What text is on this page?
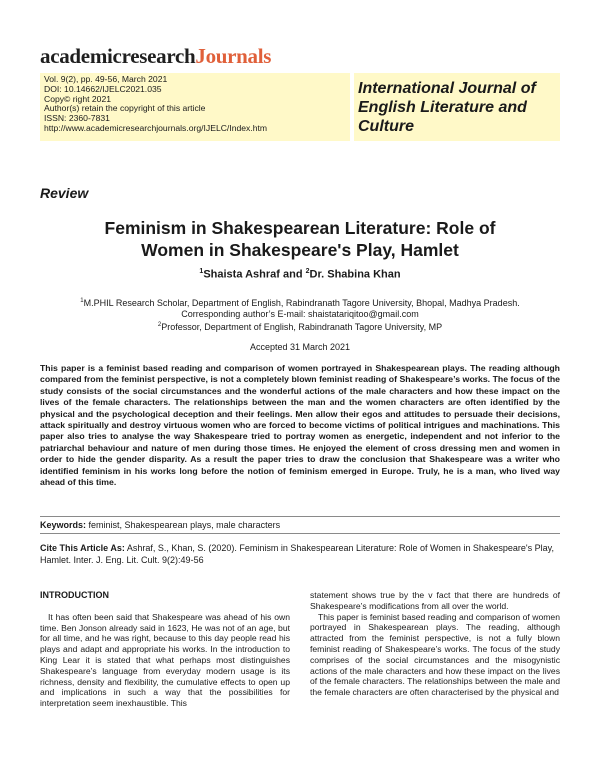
academicresearchJournals
Vol. 9(2), pp. 49-56, March 2021
DOI: 10.14662/IJELC2021.035
Copy© right 2021
Author(s) retain the copyright of this article
ISSN: 2360-7831
http://www.academicresearchjournals.org/IJELC/Index.htm
International Journal of
English Literature and
Culture
Review
Feminism in Shakespearean Literature: Role of
Women in Shakespeare's Play, Hamlet
$^1$Shaista Ashraf and $^2$Dr. Shabina Khan
$^1$M.PHIL Research Scholar, Department of English, Rabindranath Tagore University, Bhopal, Madhya Pradesh.
Corresponding author’s E-mail: shaistatariqitoo@gmail.com
$^2$Professor, Department of English, Rabindranath Tagore University, MP
Accepted 31 March 2021
This paper is a feminist based reading and comparison of women portrayed in Shakespearean plays. The reading although compared from the feminist perspective, is not a completely blown feminist reading of Shakespeare’s works. The focus of the study consists of the social circumstances and the wonderful actions of the male characters and how these impact on the lives of the female characters. The relationships between the man and the women characters are often identified by the physical and the psychological deception and their feelings. Men allow their egos and attitudes to persuade their decisions, attack spiritually and destroy virtuous women who are forced to become victims of political intrigues and machinations. This paper also tries to analyse the way Shakespeare tried to portray women as energetic, independent and not inferior to the patriarchal behaviour and nature of men during those times. He enjoyed the element of cross dressing men and women in order to hide the gender disparity. As a result the paper tries to draw the conclusion that Shakespeare was a writer who identified feminism in his works long before the notion of feminism emerged in Europe. Truly, he is a man, who lived way ahead of this time.
Keywords: feminist, Shakespearean plays, male characters
Cite This Article As: Ashraf, S., Khan, S. (2020). Feminism in Shakespearean Literature: Role of Women in Shakespeare's Play, Hamlet. Inter. J. Eng. Lit. Cult. 9(2):49-56

INTRODUCTION

It has often been said that Shakespeare was ahead of his own time. Ben Jonson already said in 1623, He was not of an age, but for all time, and he was right, because to this day people read his plays and adapt and appropriate his works. In the introduction to King Lear it is stated that what perhaps most distinguishes Shakespeare’s language from everyday modern usage is its richness, density and flexibility, the cumulative effects to open up and implications in such a way that the possibilities for interpretation seem inexhaustible. This

statement shows true by the v fact that there are hundreds of Shakespeare’s modifications from all over the world.

This paper is feminist based reading and comparison of women portrayed in Shakespearean plays. The reading, although attracted from the feminist perspective, is not a fully blown feminist reading of Shakespeare’s works. The focus of the study comprises of the social circumstances and the misogynistic actions of the male characters and how these impact on the lives of the female characters. The relationships between the male and the female characters are often characterised by the physical and
